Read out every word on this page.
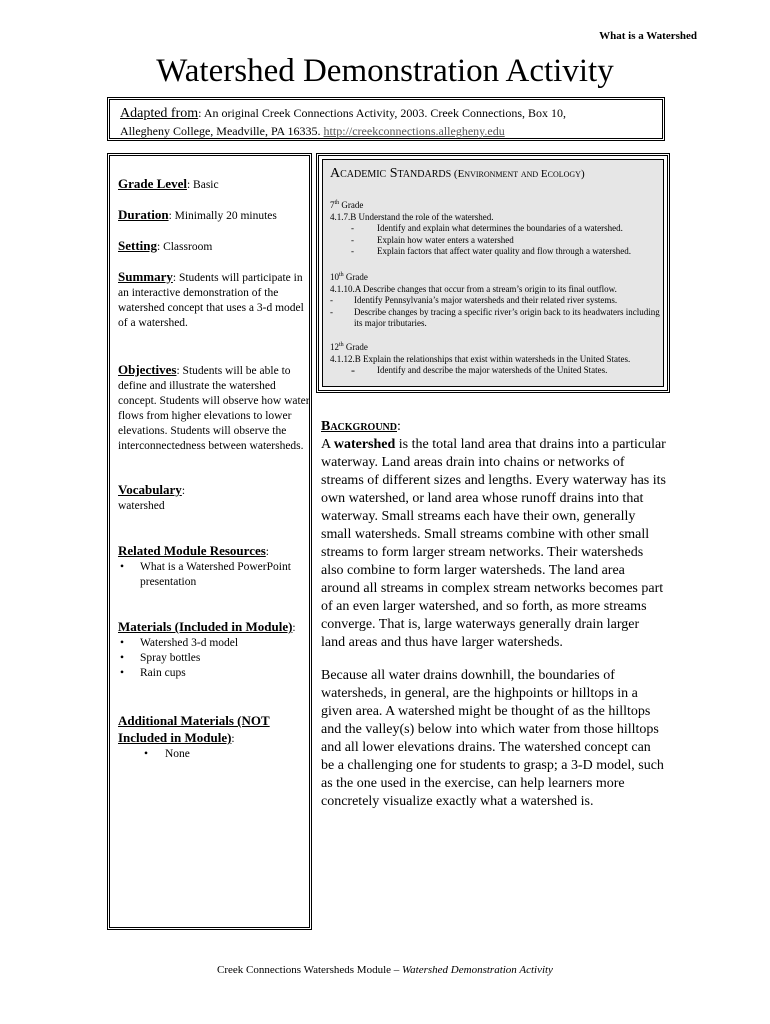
What is a Watershed
Watershed Demonstration Activity
Adapted from: An original Creek Connections Activity, 2003. Creek Connections, Box 10,
Allegheny College, Meadville, PA 16335. http://creekconnections.allegheny.edu
Grade Level: Basic
Duration: Minimally 20 minutes
Setting: Classroom
Summary: Students will participate in an interactive demonstration of the watershed concept that uses a 3-d model of a watershed.
Objectives: Students will be able to define and illustrate the watershed concept. Students will observe how water flows from higher elevations to lower elevations. Students will observe the interconnectedness between watersheds.
Vocabulary:
watershed
Related Module Resources:
• What is a Watershed PowerPoint presentation
Materials (Included in Module):
• Watershed 3-d model
• Spray bottles
• Rain cups
Additional Materials (NOT Included in Module):
• None
Academic Standards (Environment and Ecology)
7th Grade
4.1.7.B Understand the role of the watershed.
-	Identify and explain what determines the boundaries of a watershed.
-	Explain how water enters a watershed
-	Explain factors that affect water quality and flow through a watershed.
10th Grade
4.1.10.A Describe changes that occur from a stream’s origin to its final outflow.
- Identify Pennsylvania’s major watersheds and their related river systems.
- Describe changes by tracing a specific river’s origin back to its headwaters including its major tributaries.
12th Grade
4.1.12.B Explain the relationships that exist within watersheds in the United States.
- Identify and describe the major watersheds of the United States.
Background:
A watershed is the total land area that drains into a particular waterway. Land areas drain into chains or networks of streams of different sizes and lengths. Every waterway has its own watershed, or land area whose runoff drains into that waterway. Small streams each have their own, generally small watersheds. Small streams combine with other small streams to form larger stream networks. Their watersheds also combine to form larger watersheds. The land area around all streams in complex stream networks becomes part of an even larger watershed, and so forth, as more streams converge. That is, large waterways generally drain larger land areas and thus have larger watersheds.
Because all water drains downhill, the boundaries of watersheds, in general, are the highpoints or hilltops in a given area. A watershed might be thought of as the hilltops and the valley(s) below into which water from those hilltops and all lower elevations drains. The watershed concept can be a challenging one for students to grasp; a 3-D model, such as the one used in the exercise, can help learners more concretely visualize exactly what a watershed is.
Creek Connections Watersheds Module – Watershed Demonstration Activity
